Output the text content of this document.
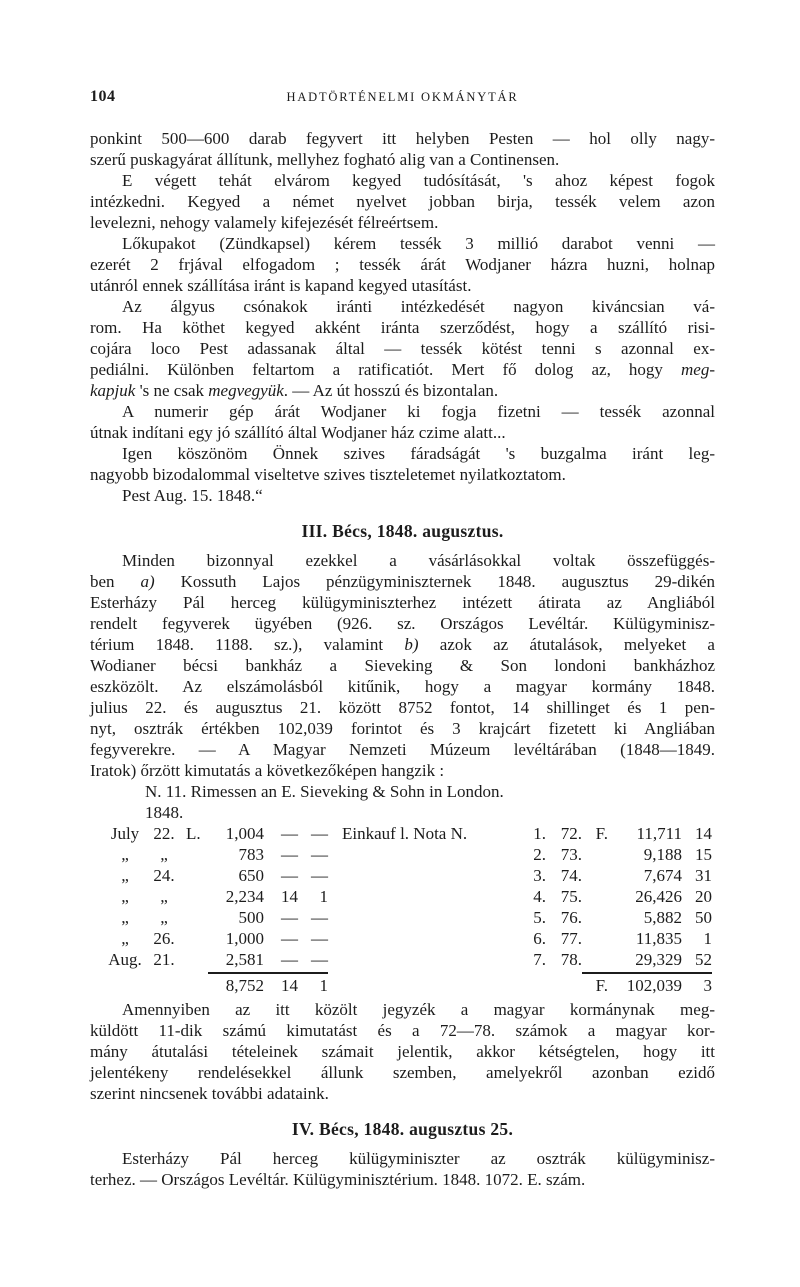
104	HADTÖRTÉNELMI OKMÁNYTÁR
ponkint 500—600 darab fegyvert itt helyben Pesten — hol olly nagy-
szerű puskagyárat állítunk, mellyhez fogható alig van a Continensen.
E végett tehát elvárom kegyed tudósítását, 's ahoz képest fogok
intézkedni. Kegyed a német nyelvet jobban birja, tessék velem azon
levelezni, nehogy valamely kifejezését félreértsem.
Lőkupakot (Zündkapsel) kérem tessék 3 millió darabot venni —
ezerét 2 frjával elfogadom ; tessék árát Wodjaner házra huzni, holnap
utánról ennek szállítása iránt is kapand kegyed utasítást.
Az álgyus csónakok iránti intézkedését nagyon kiváncsian vá-
rom. Ha köthet kegyed akként iránta szerződést, hogy a szállító risi-
cojára loco Pest adassanak által — tessék kötést tenni s azonnal ex-
pediálni. Különben feltartom a ratificatiót. Mert fő dolog az, hogy meg-
kapjuk 's ne csak megvegyük. — Az út hosszú és bizontalan.
A numerir gép árát Wodjaner ki fogja fizetni — tessék azonnal
útnak indítani egy jó szállító által Wodjaner ház czime alatt...
Igen köszönöm Önnek szives fáradságát 's buzgalma iránt leg-
nagyobb bizodalommal viseltetve szives tiszteletemet nyilatkoztatom.
Pest Aug. 15. 1848.“
III. Bécs, 1848. augusztus.
Minden bizonnyal ezekkel a vásárlásokkal voltak összefüggés-
ben a) Kossuth Lajos pénzügyminiszternek 1848. augusztus 29-dikén
Esterházy Pál herceg külügyminiszterhez intézett átirata az Angliából
rendelt fegyverek ügyében (926. sz. Országos Levéltár. Külügyminisz-
térium 1848. 1188. sz.), valamint b) azok az átutalások, melyeket a
Wodianer bécsi bankház a Sieveking & Son londoni bankházhoz
eszközölt. Az elszámolásból kitűnik, hogy a magyar kormány 1848.
julius 22. és augusztus 21. között 8752 fontot, 14 shillinget és 1 pen-
nyt, osztrák értékben 102,039 forintot és 3 krajcárt fizetett ki Angliában
fegyverekre. — A Magyar Nemzeti Múzeum levéltárában (1848—1849.
Iratok) őrzött kimutatás a következőképen hangzik :
N. 11. Rimessen an E. Sieveking & Sohn in London.
1848.
July 22. L.	1,004	— — Einkauf l. Nota N.	1. 72. F.	11,711 14
„	„	783	— —	2. 73.	9,188 15
„	24.	650	— —	3. 74.	7,674 31
„	„	2,234	14	1	4. 75.	26,426 20
„	„	500	— —	5. 76.	5,882 50
„	26.	1,000	— —	6. 77.	11,835	1
Aug. 21.	2,581	— —	7. 78.	29,329 52
8,752	14	1	F.	102,039	3
Amennyiben az itt közölt jegyzék a magyar kormánynak meg-
küldött 11-dik számú kimutatást és a 72—78. számok a magyar kor-
mány átutalási tételeinek számait jelentik, akkor kétségtelen, hogy itt
jelentékeny rendelésekkel állunk szemben, amelyekről azonban ezidő
szerint nincsenek további adataink.
IV. Bécs, 1848. augusztus 25.
Esterházy Pál herceg külügyminiszter az osztrák külügyminisz-
terhez. — Országos Levéltár. Külügyminisztérium. 1848. 1072. E. szám.
